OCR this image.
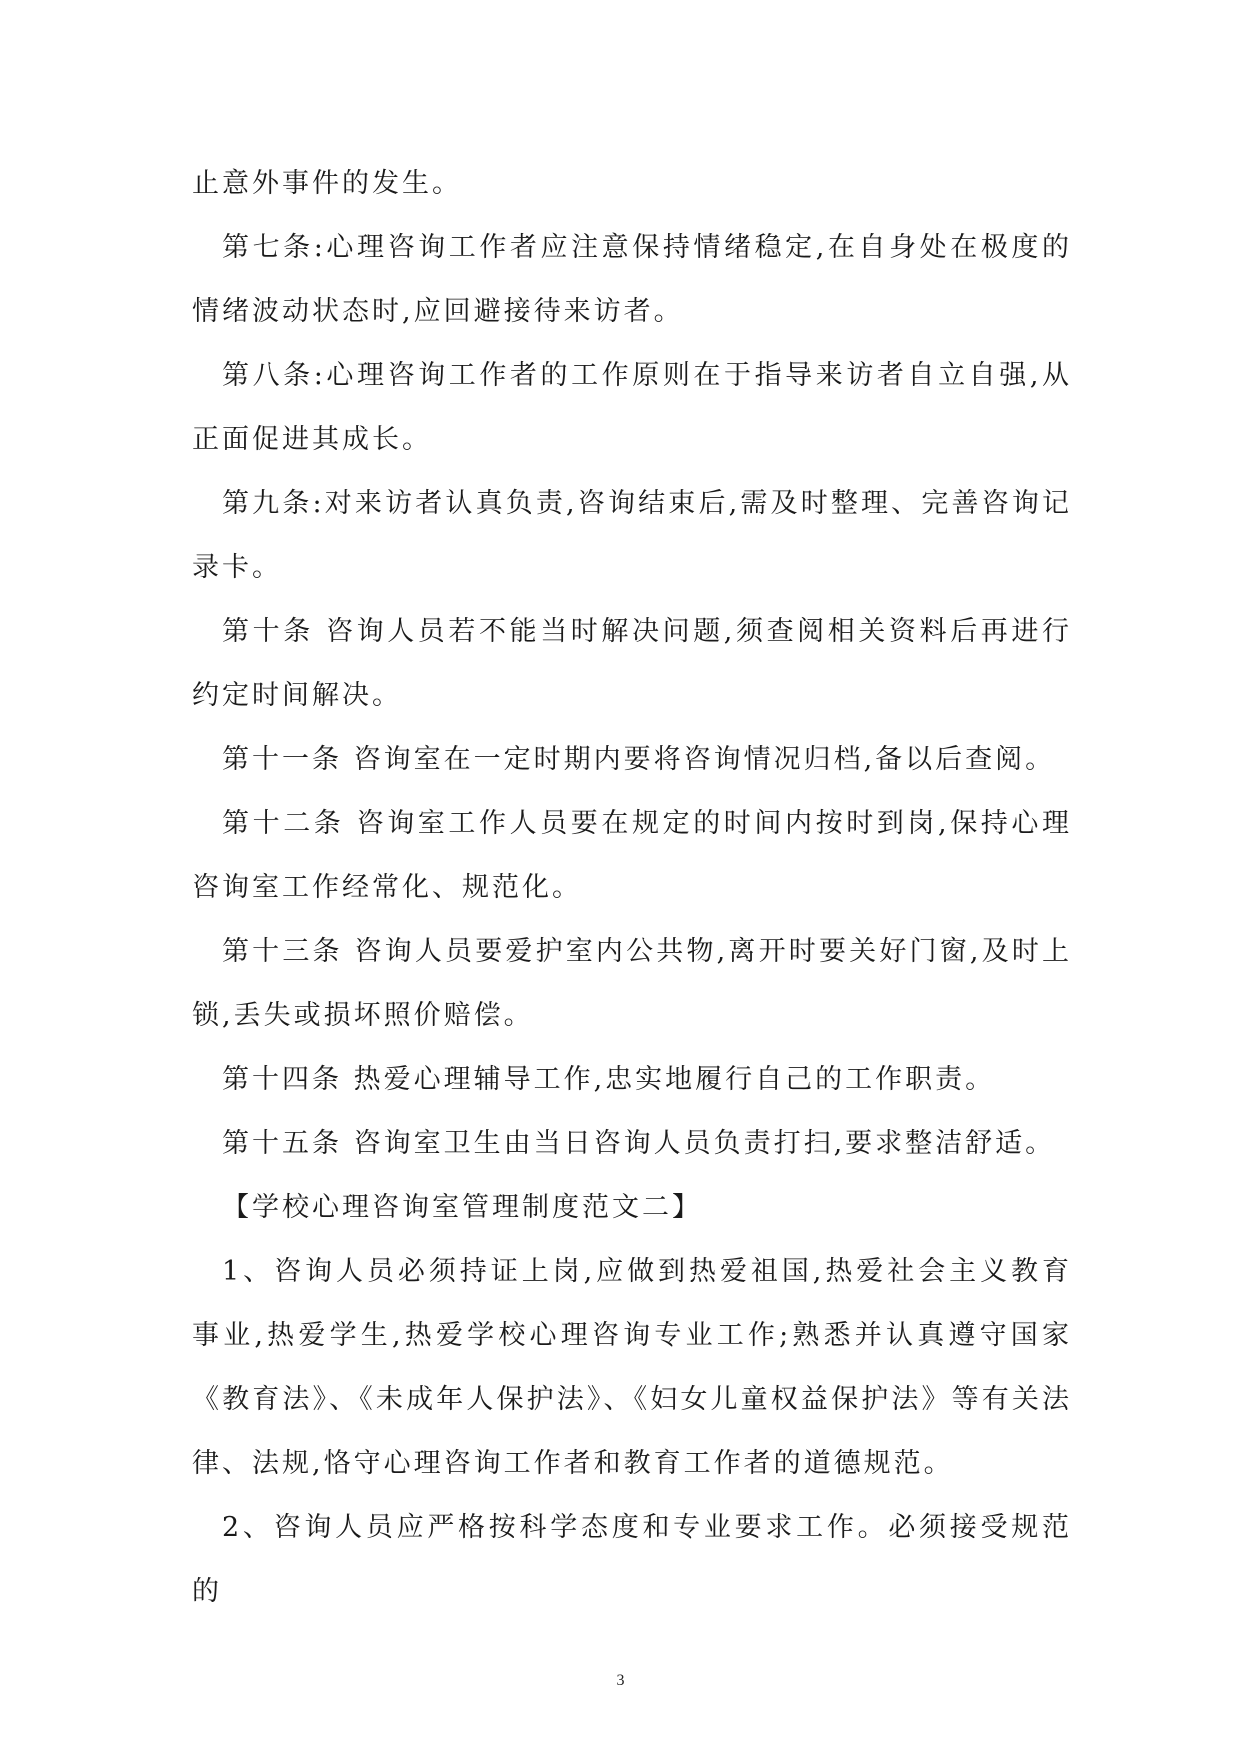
止意外事件的发生。

第七条:心理咨询工作者应注意保持情绪稳定,在自身处在极度的情绪波动状态时,应回避接待来访者。

第八条:心理咨询工作者的工作原则在于指导来访者自立自强,从正面促进其成长。

第九条:对来访者认真负责,咨询结束后,需及时整理、完善咨询记录卡。

第十条 咨询人员若不能当时解决问题,须查阅相关资料后再进行约定时间解决。

第十一条 咨询室在一定时期内要将咨询情况归档,备以后查阅。

第十二条 咨询室工作人员要在规定的时间内按时到岗,保持心理咨询室工作经常化、规范化。

第十三条 咨询人员要爱护室内公共物,离开时要关好门窗,及时上锁,丢失或损坏照价赔偿。

第十四条 热爱心理辅导工作,忠实地履行自己的工作职责。

第十五条 咨询室卫生由当日咨询人员负责打扫,要求整洁舒适。

【学校心理咨询室管理制度范文二】

1、咨询人员必须持证上岗,应做到热爱祖国,热爱社会主义教育事业,热爱学生,热爱学校心理咨询专业工作;熟悉并认真遵守国家《教育法》、《未成年人保护法》、《妇女儿童权益保护法》等有关法律、法规,恪守心理咨询工作者和教育工作者的道德规范。

2、咨询人员应严格按科学态度和专业要求工作。必须接受规范的

3
